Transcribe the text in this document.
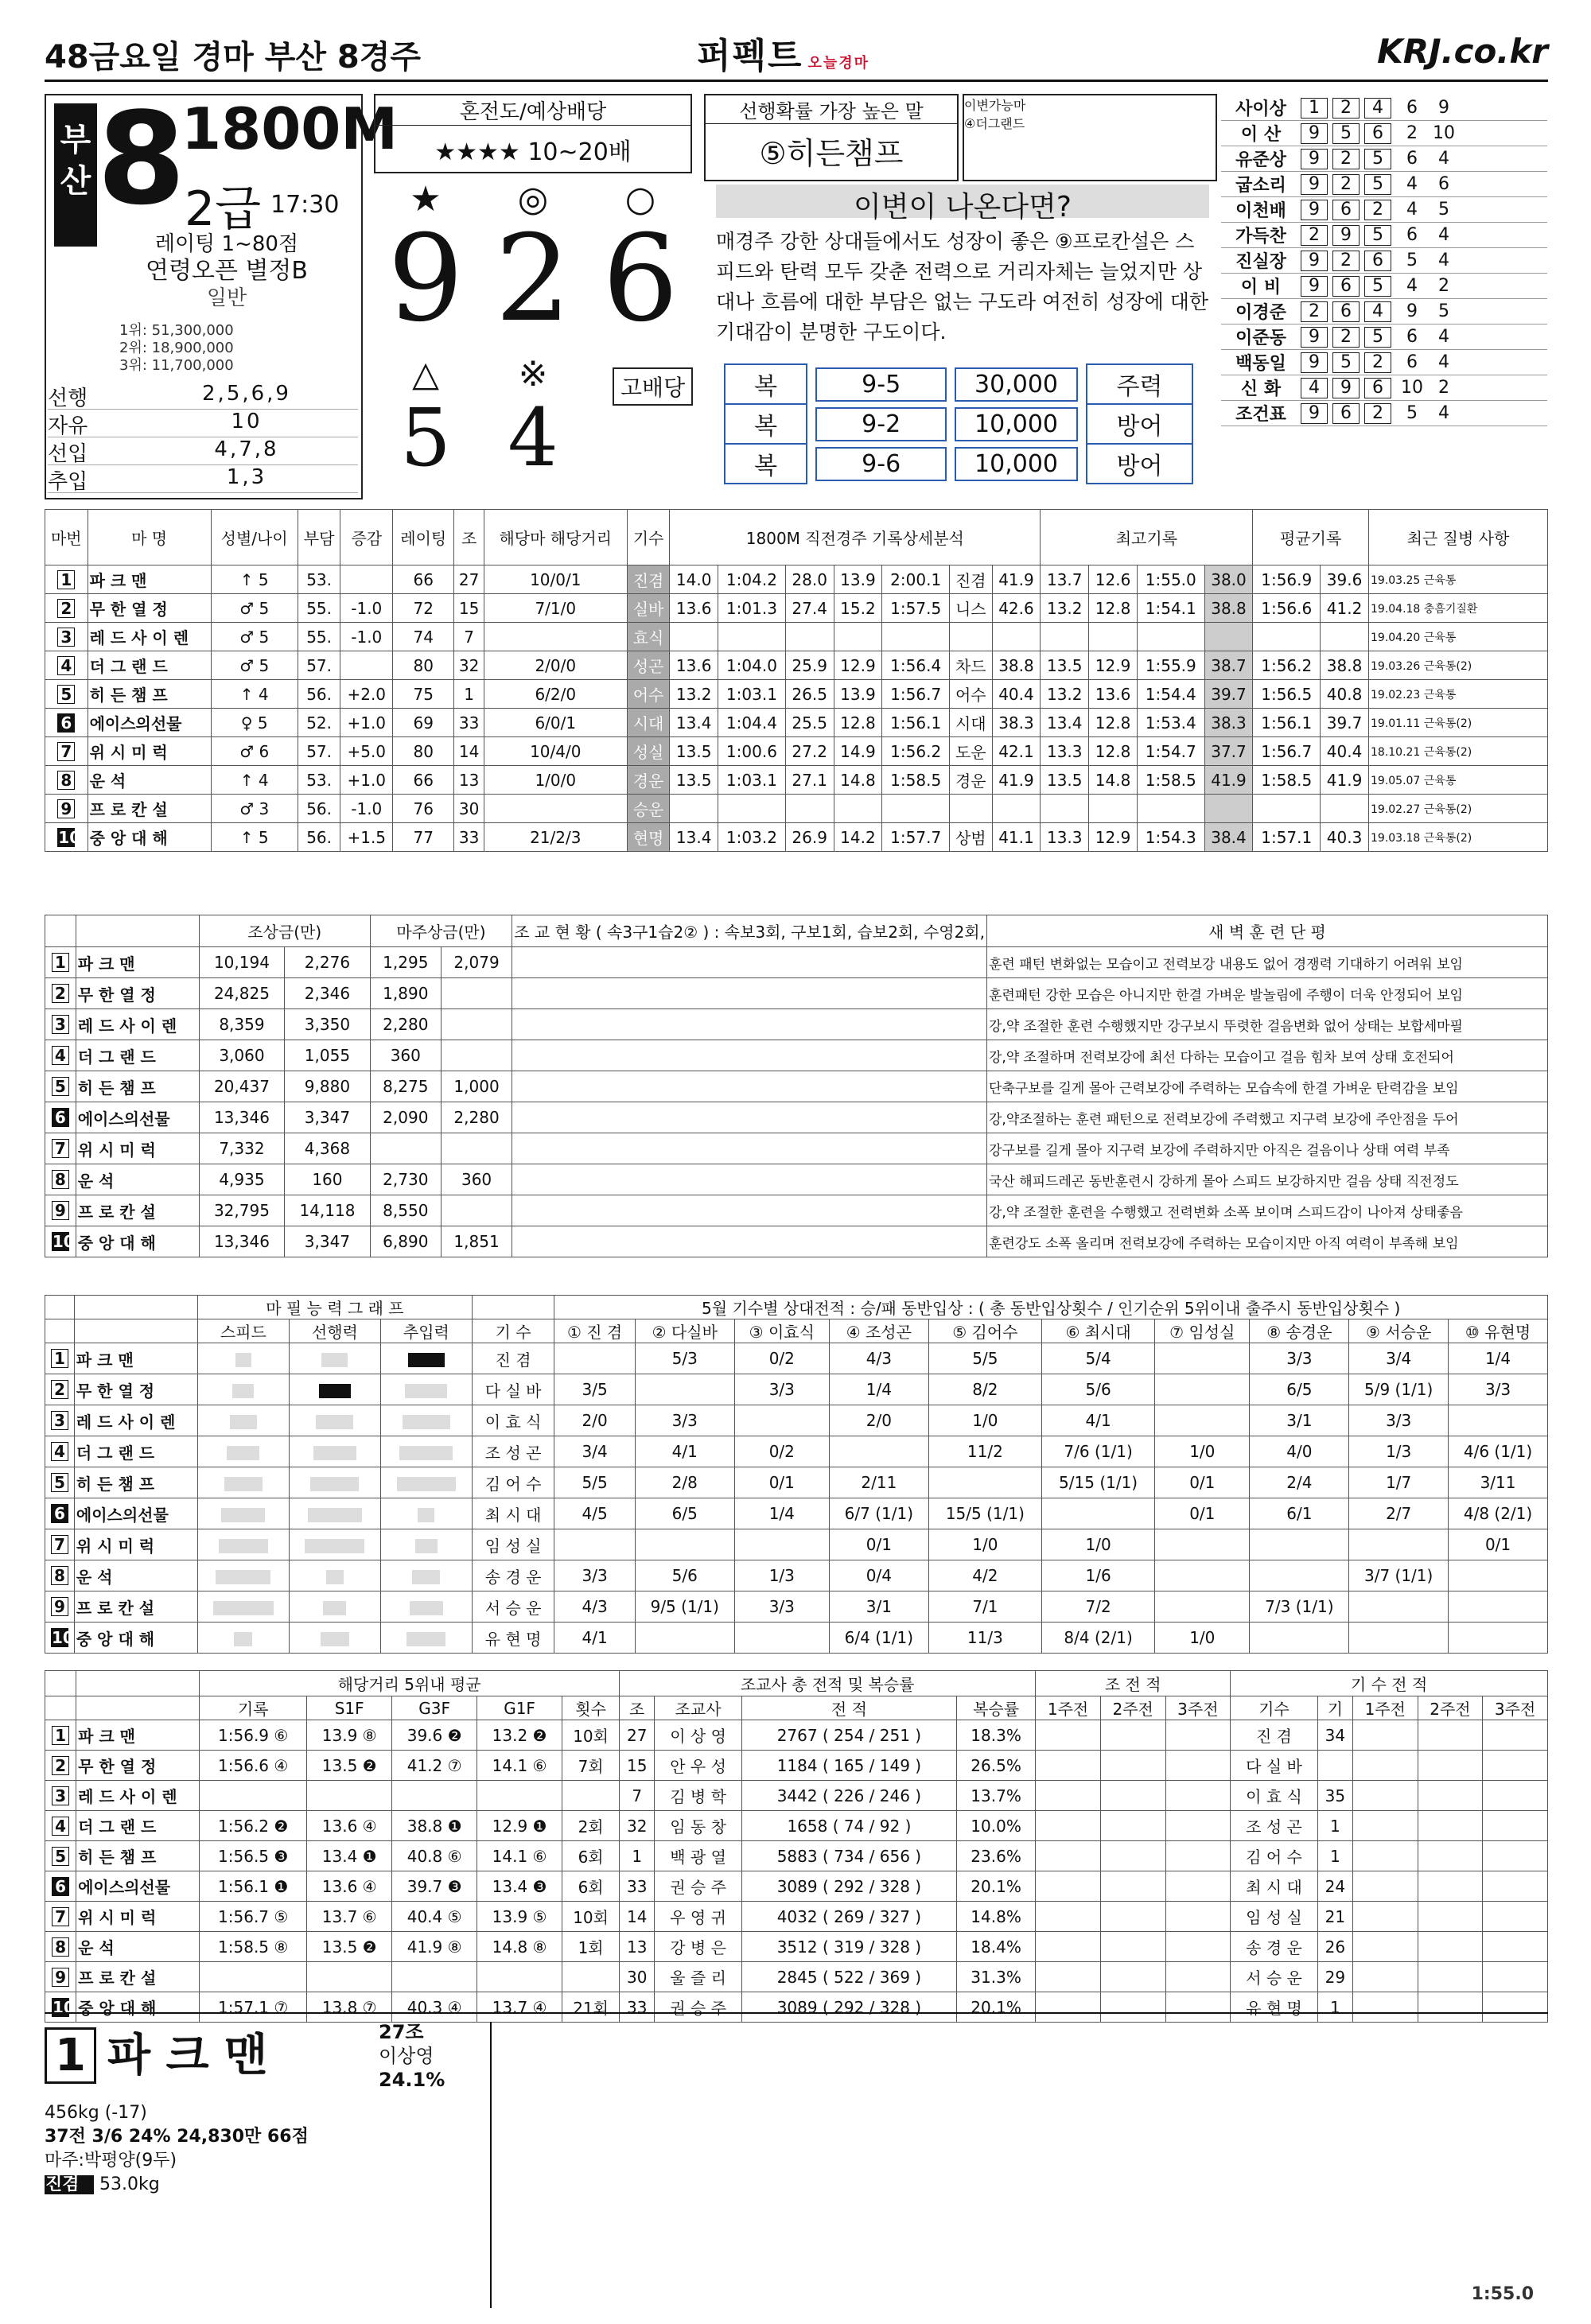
48금요일 경마 부산 8경주	퍼펙트 오늘경마	KRJ.co.kr
부산 8
1800M
2급 17:30
레이팅 1~80점
연령오픈 별정B
일반
1위: 51,300,000
2위: 18,900,000
3위: 11,700,000
선행	2,5,6,9
자유	10
선입	4,7,8
추입	1,3
혼전도/예상배당
★★★★ 10~20배
★
9
◎
2
○
6
△
5
※
4
선행확률 가장 높은 말
⑤히든챔프
이변가능마
④더그랜드
이변이 나온다면?
매경주 강한 상대들에서도 성장이 좋은 ⑨프로칸설은 스피드와 탄력 모두 갖춘 전력으로 거리자체는 늘었지만 상대나 흐름에 대한 부담은 없는 구도라 여전히 성장에 대한 기대감이 분명한 구도이다.
고배당	복	9-5	30,000	주력
복	9-2	10,000	방어
복	9-6	10,000	방어
사이상	1	2	4	6	9
이 산	9	5	6	2 10
유준상	9	2	5	6	4
굽소리	9	2	5	4	6
이천배	9	6	2	4	5
가득찬	2	9	5	6	4
진실장	9	2	6	5	4
이 비	9	6	5	4	2
이경준	2	6	4	9	5
이준동	9	2	5	6	4
백동일	9	5	2	6	4
신 화	4	9	6	10 2
조건표	9	6	2	5	4
마번	마 명	성별/나이	부담	증감	레이팅	조	해당마 해당거리	기수	1800M 직전경주 기록상세분석							최고기록				평균기록		최근 질병 사항
1	파 크 맨	↑ 5	53.		66	27	10/0/1	진겸	14.0	1:04.2	28.0	13.9	2:00.1	진겸	41.9	13.7	12.6	1:55.0	38.0	1:56.9	39.6	19.03.25 근육통
2	무 한 열 정	♂ 5	55.	-1.0	72	15	7/1/0	실바	13.6	1:01.3	27.4	15.2	1:57.5	니스	42.6	13.2	12.8	1:54.1	38.8	1:56.6	41.2	19.04.18 충흠기질환
3	레 드 사 이 렌	♂ 5	55.	-1.0	74	7		효식														19.04.20 근육통
4	더 그 랜 드	♂ 5	57.		80	32	2/0/0	성곤	13.6	1:04.0	25.9	12.9	1:56.4	차드	38.8	13.5	12.9	1:55.9	38.7	1:56.2	38.8	19.03.26 근육통(2)
5	히 든 챔 프	↑ 4	56.	+2.0	75	1	6/2/0	어수	13.2	1:03.1	26.5	13.9	1:56.7	어수	40.4	13.2	13.6	1:54.4	39.7	1:56.5	40.8	19.02.23 근육통
6	에이스의선물	♀ 5	52.	+1.0	69	33	6/0/1	시대	13.4	1:04.4	25.5	12.8	1:56.1	시대	38.3	13.4	12.8	1:53.4	38.3	1:56.1	39.7	19.01.11 근육통(2)
7	위 시 미 럭	♂ 6	57.	+5.0	80	14	10/4/0	성실	13.5	1:00.6	27.2	14.9	1:56.2	도운	42.1	13.3	12.8	1:54.7	37.7	1:56.7	40.4	18.10.21 근육통(2)
8	운 석	↑ 4	53.	+1.0	66	13	1/0/0	경운	13.5	1:03.1	27.1	14.8	1:58.5	경운	41.9	13.5	14.8	1:58.5	41.9	1:58.5	41.9	19.05.07 근육통
9	프 로 칸 설	♂ 3	56.	-1.0	76	30		승운														19.02.27 근육통(2)
10	중 앙 대 해	↑ 5	56.	+1.5	77	33	21/2/3	현명	13.4	1:03.2	26.9	14.2	1:57.7	상범	41.1	13.3	12.9	1:54.3	38.4	1:57.1	40.3	19.03.18 근육통(2)
		조상금(만)		마주상금(만)		조 교 현 황 ( 속3구1습2② ) : 속보3회, 구보1회, 습보2회, 수영2회,	새 벽 훈 련 단 평
1	파 크 맨	10,194	2,276	1,295	2,079		훈련 패턴 변화없는 모습이고 전력보강 내용도 없어 경쟁력 기대하기 어려워 보임
2	무 한 열 정	24,825	2,346	1,890			훈련패턴 강한 모습은 아니지만 한결 가벼운 발놀림에 주행이 더욱 안정되어 보임
3	레 드 사 이 렌	8,359	3,350	2,280			강,약 조절한 훈련 수행했지만 강구보시 뚜렷한 걸음변화 없어 상태는 보합세마필
4	더 그 랜 드	3,060	1,055	360			강,약 조절하며 전력보강에 최선 다하는 모습이고 걸음 힘차 보여 상태 호전되어
5	히 든 챔 프	20,437	9,880	8,275	1,000		단축구보를 길게 몰아 근력보강에 주력하는 모습속에 한결 가벼운 탄력감을 보임
6	에이스의선물	13,346	3,347	2,090	2,280		강,약조절하는 훈련 패턴으로 전력보강에 주력했고 지구력 보강에 주안점을 두어
7	위 시 미 럭	7,332	4,368				강구보를 길게 몰아 지구력 보강에 주력하지만 아직은 걸음이나 상태 여력 부족
8	운 석	4,935	160	2,730	360		국산 해피드레곤 동반훈련시 강하게 몰아 스피드 보강하지만 걸음 상태 직전정도
9	프 로 칸 설	32,795	14,118	8,550			강,약 조절한 훈련을 수행했고 전력변화 소폭 보이며 스피드감이 나아져 상태좋음
10	중 앙 대 해	13,346	3,347	6,890	1,851		훈련강도 소폭 올리며 전력보강에 주력하는 모습이지만 아직 여력이 부족해 보임
		마 필 능 력 그 래 프				5월 기수별 상대전적 : 승/패 동반입상 : ( 총 동반입상횟수 / 인기순위 5위이내 출주시 동반입상횟수 )									
		스피드	선행력	추입력	기 수	① 진 겸	② 다실바	③ 이효식	④ 조성곤	⑤ 김어수	⑥ 최시대	⑦ 임성실	⑧ 송경운	⑨ 서승운	⑩ 유현명
1	파 크 맨				진 겸		5/3	0/2	4/3	5/5	5/4		3/3	3/4	1/4
2	무 한 열 정				다 실 바	3/5		3/3	1/4	8/2	5/6		6/5	5/9 (1/1)	3/3
3	레 드 사 이 렌				이 효 식	2/0	3/3		2/0	1/0	4/1		3/1	3/3	
4	더 그 랜 드				조 성 곤	3/4	4/1	0/2		11/2	7/6 (1/1)	1/0	4/0	1/3	4/6 (1/1)
5	히 든 챔 프				김 어 수	5/5	2/8	0/1	2/11		5/15 (1/1)	0/1	2/4	1/7	3/11
6	에이스의선물				최 시 대	4/5	6/5	1/4	6/7 (1/1)	15/5 (1/1)		0/1	6/1	2/7	4/8 (2/1)
7	위 시 미 럭				임 성 실				0/1	1/0	1/0				0/1
8	운 석				송 경 운	3/3	5/6	1/3	0/4	4/2	1/6			3/7 (1/1)	
9	프 로 칸 설				서 승 운	4/3	9/5 (1/1)	3/3	3/1	7/1	7/2		7/3 (1/1)		
10	중 앙 대 해				유 현 명	4/1			6/4 (1/1)	11/3	8/4 (2/1)	1/0			
		해당거리 5위내 평균					조교사 총 전적 및 복승률				조 전 적			기 수 전 적				
		기록	S1F	G3F	G1F	횟수	조	조교사	전 적	복승률	1주전	2주전	3주전	기수	기	1주전	2주전	3주전
1	파 크 맨	1:56.9 ⑥	13.9 ⑧	39.6 ❷	13.2 ❷	10회	27	이 상 영	2767 ( 254 / 251 )	18.3%				진 겸	34			
2	무 한 열 정	1:56.6 ④	13.5 ❷	41.2 ⑦	14.1 ⑥	7회	15	안 우 성	1184 ( 165 / 149 )	26.5%				다 실 바				
3	레 드 사 이 렌						7	김 병 학	3442 ( 226 / 246 )	13.7%				이 효 식	35			
4	더 그 랜 드	1:56.2 ❷	13.6 ④	38.8 ❶	12.9 ❶	2회	32	임 동 창	1658 ( 74 / 92 )	10.0%				조 성 곤	1			
5	히 든 챔 프	1:56.5 ❸	13.4 ❶	40.8 ⑥	14.1 ⑥	6회	1	백 광 열	5883 ( 734 / 656 )	23.6%				김 어 수	1			
6	에이스의선물	1:56.1 ❶	13.6 ④	39.7 ❸	13.4 ❸	6회	33	권 승 주	3089 ( 292 / 328 )	20.1%				최 시 대	24			
7	위 시 미 럭	1:56.7 ⑤	13.7 ⑥	40.4 ⑤	13.9 ⑤	10회	14	우 영 귀	4032 ( 269 / 327 )	14.8%				임 성 실	21			
8	운 석	1:58.5 ⑧	13.5 ❷	41.9 ⑧	14.8 ⑧	1회	13	강 병 은	3512 ( 319 / 328 )	18.4%				송 경 운	26			
9	프 로 칸 설						30	울 즐 리	2845 ( 522 / 369 )	31.3%				서 승 운	29			
10	중 앙 대 해	1:57.1 ⑦	13.8 ⑦	40.3 ④	13.7 ④	21회	33	권 승 주	3089 ( 292 / 328 )	20.1%				유 현 명	1			
1 파 크 맨	27조
이상영
24.1%
456kg (-17)
37전 3/6 24% 24,830만 66점
마주:박평양(9두)
진겸 53.0kg
1:55.0
